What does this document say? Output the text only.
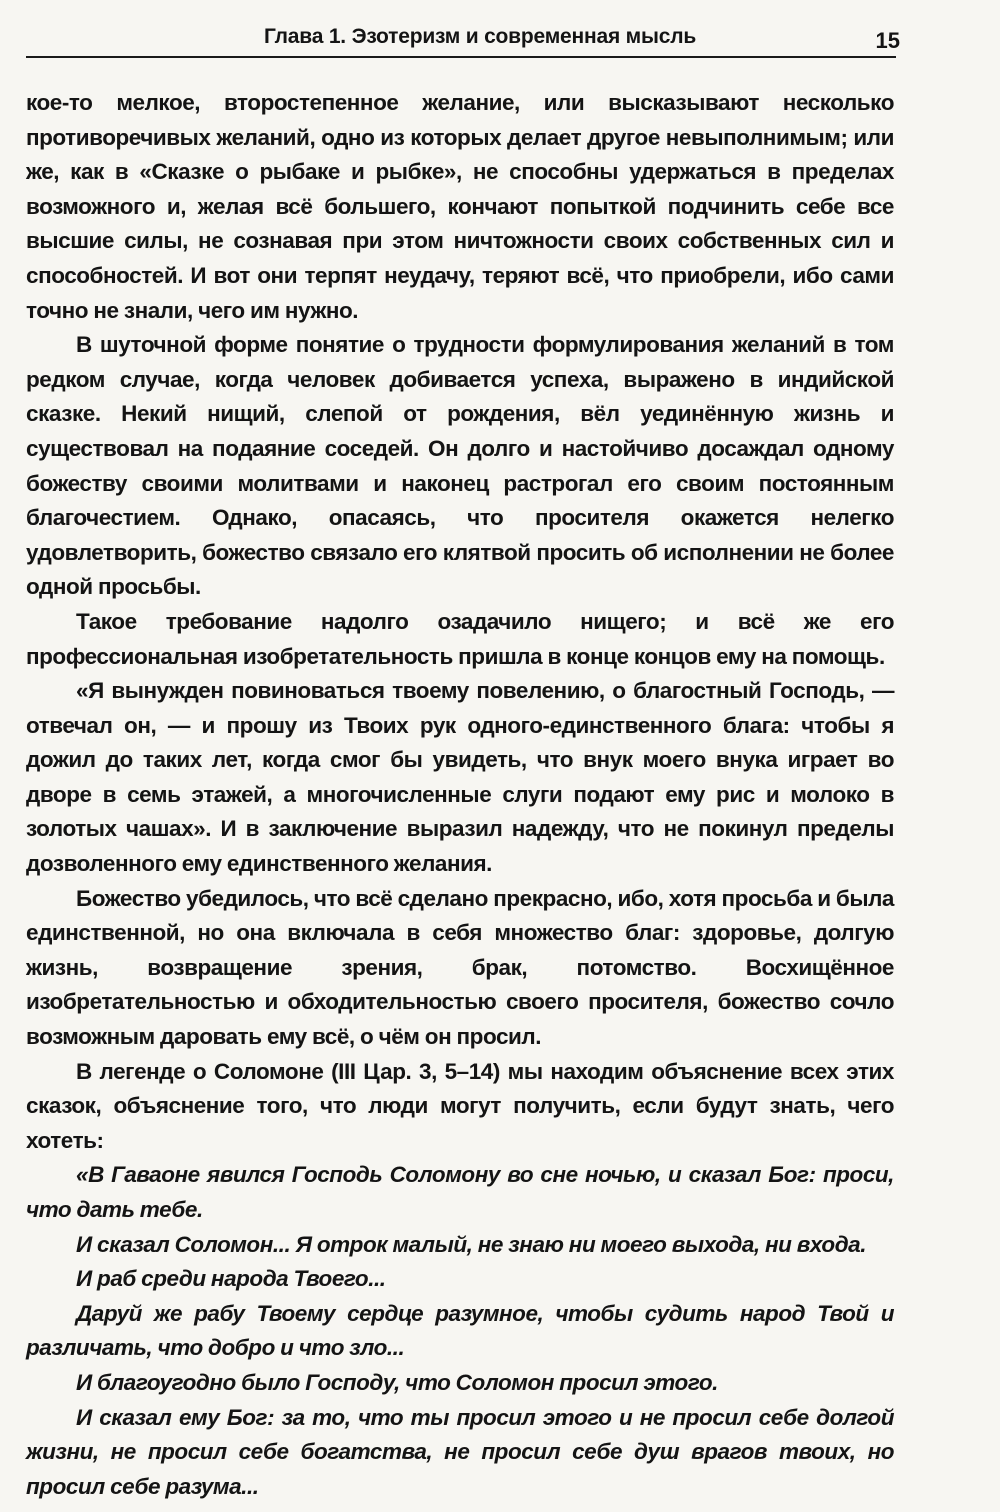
Глава 1. Эзотеризм и современная мысль	15

кое-то мелкое, второстепенное желание, или высказывают несколько противоречивых желаний, одно из которых делает другое невыполнимым; или же, как в «Сказке о рыбаке и рыбке», не способны удержаться в пределах возможного и, желая всё большего, кончают попыткой подчинить себе все высшие силы, не сознавая при этом ничтожности своих собственных сил и способностей. И вот они терпят неудачу, теряют всё, что приобрели, ибо сами точно не знали, чего им нужно.

В шуточной форме понятие о трудности формулирования желаний в том редком случае, когда человек добивается успеха, выражено в индийской сказке. Некий нищий, слепой от рождения, вёл уединённую жизнь и существовал на подаяние соседей. Он долго и настойчиво досаждал одному божеству своими молитвами и наконец растрогал его своим постоянным благочестием. Однако, опасаясь, что просителя окажется нелегко удовлетворить, божество связало его клятвой просить об исполнении не более одной просьбы.

Такое требование надолго озадачило нищего; и всё же его профессиональная изобретательность пришла в конце концов ему на помощь.

«Я вынужден повиноваться твоему повелению, о благостный Господь, — отвечал он, — и прошу из Твоих рук одного-единственного блага: чтобы я дожил до таких лет, когда смог бы увидеть, что внук моего внука играет во дворе в семь этажей, а многочисленные слуги подают ему рис и молоко в золотых чашах». И в заключение выразил надежду, что не покинул пределы дозволенного ему единственного желания.

Божество убедилось, что всё сделано прекрасно, ибо, хотя просьба и была единственной, но она включала в себя множество благ: здоровье, долгую жизнь, возвращение зрения, брак, потомство. Восхищённое изобретательностью и обходительностью своего просителя, божество сочло возможным даровать ему всё, о чём он просил.

В легенде о Соломоне (III Цар. 3, 5–14) мы находим объяснение всех этих сказок, объяснение того, что люди могут получить, если будут знать, чего хотеть:

«В Гаваоне явился Господь Соломону во сне ночью, и сказал Бог: проси, что дать тебе.

И сказал Соломон... Я отрок малый, не знаю ни моего выхода, ни входа.

И раб среди народа Твоего...

Даруй же рабу Твоему сердце разумное, чтобы судить народ Твой и различать, что добро и что зло...

И благоугодно было Господу, что Соломон просил этого.

И сказал ему Бог: за то, что ты просил этого и не просил себе долгой жизни, не просил себе богатства, не просил себе душ врагов твоих, но просил себе разума...
